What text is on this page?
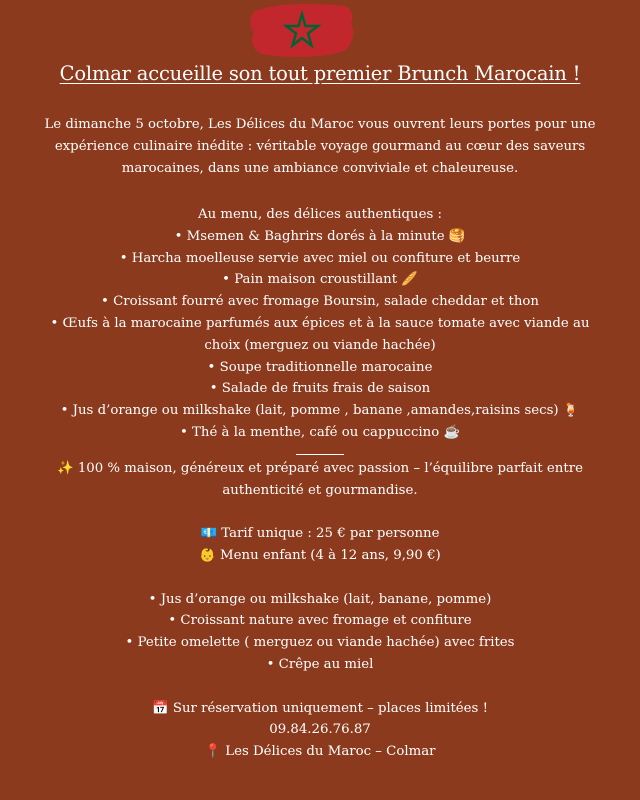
Colmar accueille son tout premier Brunch Marocain !
Le dimanche 5 octobre, Les Délices du Maroc vous ouvrent leurs portes pour une
expérience culinaire inédite : véritable voyage gourmand au cœur des saveurs
marocaines, dans une ambiance conviviale et chaleureuse.
Au menu, des délices authentiques :
• Msemen & Baghrirs dorés à la minute 🥞
• Harcha moelleuse servie avec miel ou confiture et beurre
• Pain maison croustillant 🥖
• Croissant fourré avec fromage Boursin, salade cheddar et thon
• Œufs à la marocaine parfumés aux épices et à la sauce tomate avec viande au
choix (merguez ou viande hachée)
• Soupe traditionnelle marocaine
• Salade de fruits frais de saison
• Jus d’orange ou milkshake (lait, pomme , banane ,amandes,raisins secs) 🍹
• Thé à la menthe, café ou cappuccino ☕
✨ 100 % maison, généreux et préparé avec passion – l’équilibre parfait entre
authenticité et gourmandise.

💶 Tarif unique : 25 € par personne
👶 Menu enfant (4 à 12 ans, 9,90 €)

• Jus d’orange ou milkshake (lait, banane, pomme)
• Croissant nature avec fromage et confiture
• Petite omelette ( merguez ou viande hachée) avec frites
• Crêpe au miel

📅 Sur réservation uniquement – places limitées !
09.84.26.76.87
📍 Les Délices du Maroc – Colmar
